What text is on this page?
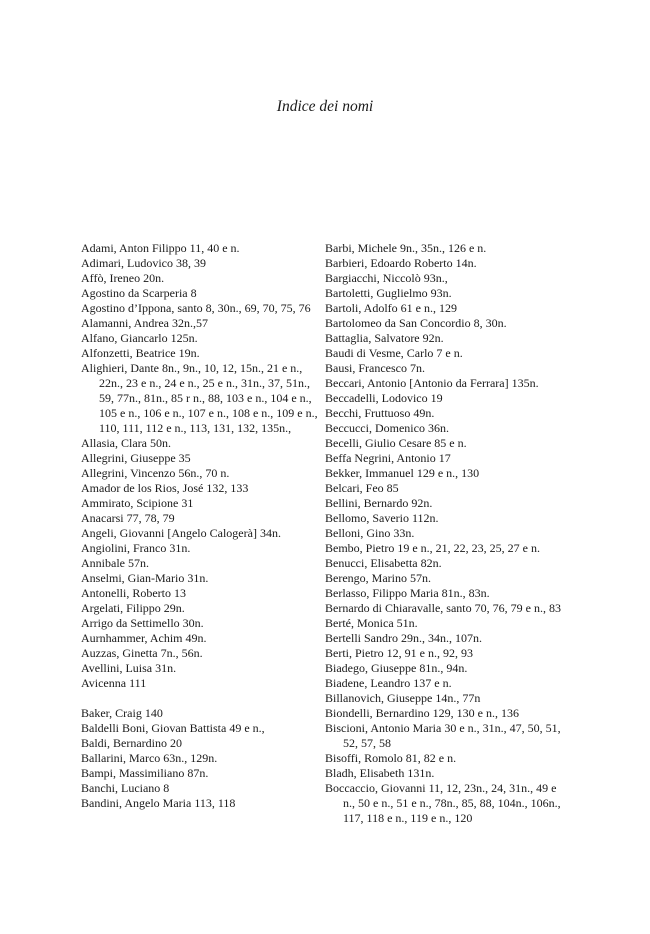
Indice dei nomi

Adami, Anton Filippo 11, 40 e n.

Adimari, Ludovico 38, 39

Affò, Ireneo 20n.

Agostino da Scarperia 8

Agostino d’Ippona, santo 8, 30n., 69, 70, 75, 76

Alamanni, Andrea 32n.,57

Alfano, Giancarlo 125n.

Alfonzetti, Beatrice 19n.

Alighieri, Dante 8n., 9n., 10, 12, 15n., 21 e n., 22n., 23 e n., 24 e n., 25 e n., 31n., 37, 51n., 59, 77n., 81n., 85 r n., 88, 103 e n., 104 e n., 105 e n., 106 e n., 107 e n., 108 e n., 109 e n., 110, 111, 112 e n., 113, 131, 132, 135n.,

Allasia, Clara 50n.

Allegrini, Giuseppe 35

Allegrini, Vincenzo 56n., 70 n.

Amador de los Rios, José 132, 133

Ammirato, Scipione 31

Anacarsi 77, 78, 79

Angeli, Giovanni [Angelo Calogerà] 34n.

Angiolini, Franco 31n.

Annibale 57n.

Anselmi, Gian-Mario 31n.

Antonelli, Roberto 13

Argelati, Filippo 29n.

Arrigo da Settimello 30n.

Aurnhammer, Achim 49n.

Auzzas, Ginetta 7n., 56n.

Avellini, Luisa 31n.

Avicenna 111

Baker, Craig 140

Baldelli Boni, Giovan Battista 49 e n.,

Baldi, Bernardino 20

Ballarini, Marco 63n., 129n.

Bampi, Massimiliano 87n.

Banchi, Luciano 8

Bandini, Angelo Maria 113, 118

Barbi, Michele 9n., 35n., 126 e n.

Barbieri, Edoardo Roberto 14n.

Bargiacchi, Niccolò 93n.,

Bartoletti, Guglielmo 93n.

Bartoli, Adolfo 61 e n., 129

Bartolomeo da San Concordio 8, 30n.

Battaglia, Salvatore 92n.

Baudi di Vesme, Carlo 7 e n.

Bausi, Francesco 7n.

Beccari, Antonio [Antonio da Ferrara] 135n.

Beccadelli, Lodovico 19

Becchi, Fruttuoso 49n.

Beccucci, Domenico 36n.

Becelli, Giulio Cesare 85 e n.

Beffa Negrini, Antonio 17

Bekker, Immanuel 129 e n., 130

Belcari, Feo 85

Bellini, Bernardo 92n.

Bellomo, Saverio 112n.

Belloni, Gino 33n.

Bembo, Pietro 19 e n., 21, 22, 23, 25, 27 e n.

Benucci, Elisabetta 82n.

Berengo, Marino 57n.

Berlasso, Filippo Maria 81n., 83n.

Bernardo di Chiaravalle, santo 70, 76, 79 e n., 83

Berté, Monica 51n.

Bertelli Sandro 29n., 34n., 107n.

Berti, Pietro 12, 91 e n., 92, 93

Biadego, Giuseppe 81n., 94n.

Biadene, Leandro 137 e n.

Billanovich, Giuseppe 14n., 77n

Biondelli, Bernardino 129, 130 e n., 136

Biscioni, Antonio Maria 30 e n., 31n., 47, 50, 51, 52, 57, 58

Bisoffi, Romolo 81, 82 e n.

Bladh, Elisabeth 131n.

Boccaccio, Giovanni 11, 12, 23n., 24, 31n., 49 e n., 50 e n., 51 e n., 78n., 85, 88, 104n., 106n., 117, 118 e n., 119 e n., 120
